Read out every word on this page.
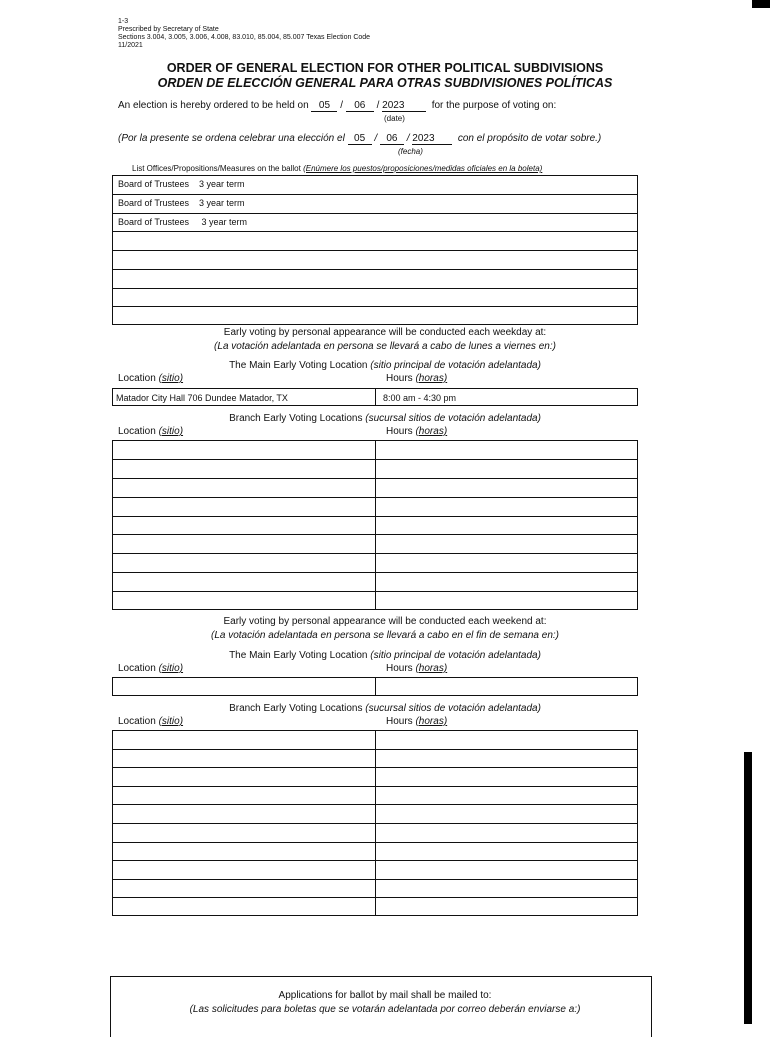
1-3
Prescribed by Secretary of State
Sections 3.004, 3.005, 3.006, 4.008, 83.010, 85.004, 85.007 Texas Election Code
11/2021
ORDER OF GENERAL ELECTION FOR OTHER POLITICAL SUBDIVISIONS
ORDEN DE ELECCIÓN GENERAL PARA OTRAS SUBDIVISIONES POLÍTICAS
An election is hereby ordered to be held on 05 / 06 / 2023	for the purpose of voting on:
(date)
(Por la presente se ordena celebrar una elección el 05 / 06 / 2023 con el propósito de votar sobre.)
(fecha)
List Offices/Propositions/Measures on the ballot (Enúmere los puestos/proposiciones/medidas oficiales en la boleta)
Board of Trustees    3 year term
Board of Trustees    3 year term
Board of Trustees     3 year term
Early voting by personal appearance will be conducted each weekday at:
(La votación adelantada en persona se llevará a cabo de lunes a viernes en:)
The Main Early Voting Location (sitio principal de votación adelantada)
Location (sitio)	Hours (horas)
Matador City Hall 706 Dundee Matador, TX	8:00 am - 4:30 pm
Branch Early Voting Locations (sucursal sitios de votación adelantada)
Location (sitio)	Hours (horas)
Early voting by personal appearance will be conducted each weekend at:
(La votación adelantada en persona se llevará a cabo en el fin de semana en:)
The Main Early Voting Location (sitio principal de votación adelantada)
Location (sitio)	Hours (horas)
Branch Early Voting Locations (sucursal sitios de votación adelantada)
Location (sitio)	Hours (horas)
Applications for ballot by mail shall be mailed to:
(Las solicitudes para boletas que se votarán adelantada por correo deberán enviarse a:)
